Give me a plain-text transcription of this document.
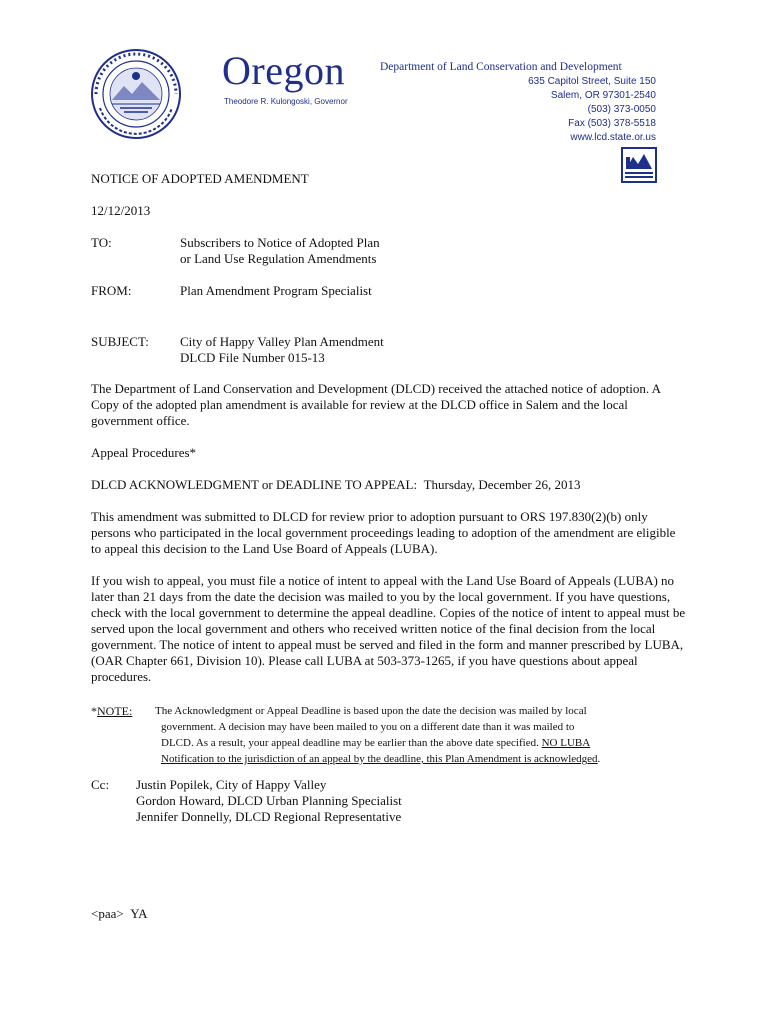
Oregon
Theodore R. Kulongoski, Governor
Department of Land Conservation and Development
635 Capitol Street, Suite 150
Salem, OR 97301-2540
(503) 373-0050
Fax (503) 378-5518
www.lcd.state.or.us
NOTICE OF ADOPTED AMENDMENT
12/12/2013
TO:	Subscribers to Notice of Adopted Plan
or Land Use Regulation Amendments
FROM:	Plan Amendment Program Specialist
SUBJECT: City of Happy Valley Plan Amendment
DLCD File Number 015-13
The Department of Land Conservation and Development (DLCD) received the attached notice of adoption. A Copy of the adopted plan amendment is available for review at the DLCD office in Salem and the local government office.
Appeal Procedures*
DLCD ACKNOWLEDGMENT or DEADLINE TO APPEAL: Thursday, December 26, 2013
This amendment was submitted to DLCD for review prior to adoption pursuant to ORS 197.830(2)(b) only persons who participated in the local government proceedings leading to adoption of the amendment are eligible to appeal this decision to the Land Use Board of Appeals (LUBA).
If you wish to appeal, you must file a notice of intent to appeal with the Land Use Board of Appeals (LUBA) no later than 21 days from the date the decision was mailed to you by the local government. If you have questions, check with the local government to determine the appeal deadline. Copies of the notice of intent to appeal must be served upon the local government and others who received written notice of the final decision from the local government. The notice of intent to appeal must be served and filed in the form and manner prescribed by LUBA, (OAR Chapter 661, Division 10). Please call LUBA at 503-373-1265, if you have questions about appeal procedures.
*NOTE:	The Acknowledgment or Appeal Deadline is based upon the date the decision was mailed by local
government. A decision may have been mailed to you on a different date than it was mailed to
DLCD. As a result, your appeal deadline may be earlier than the above date specified. NO LUBA
Notification to the jurisdiction of an appeal by the deadline, this Plan Amendment is acknowledged.
Cc: Justin Popilek, City of Happy Valley
Gordon Howard, DLCD Urban Planning Specialist
Jennifer Donnelly, DLCD Regional Representative
<paa> YA
